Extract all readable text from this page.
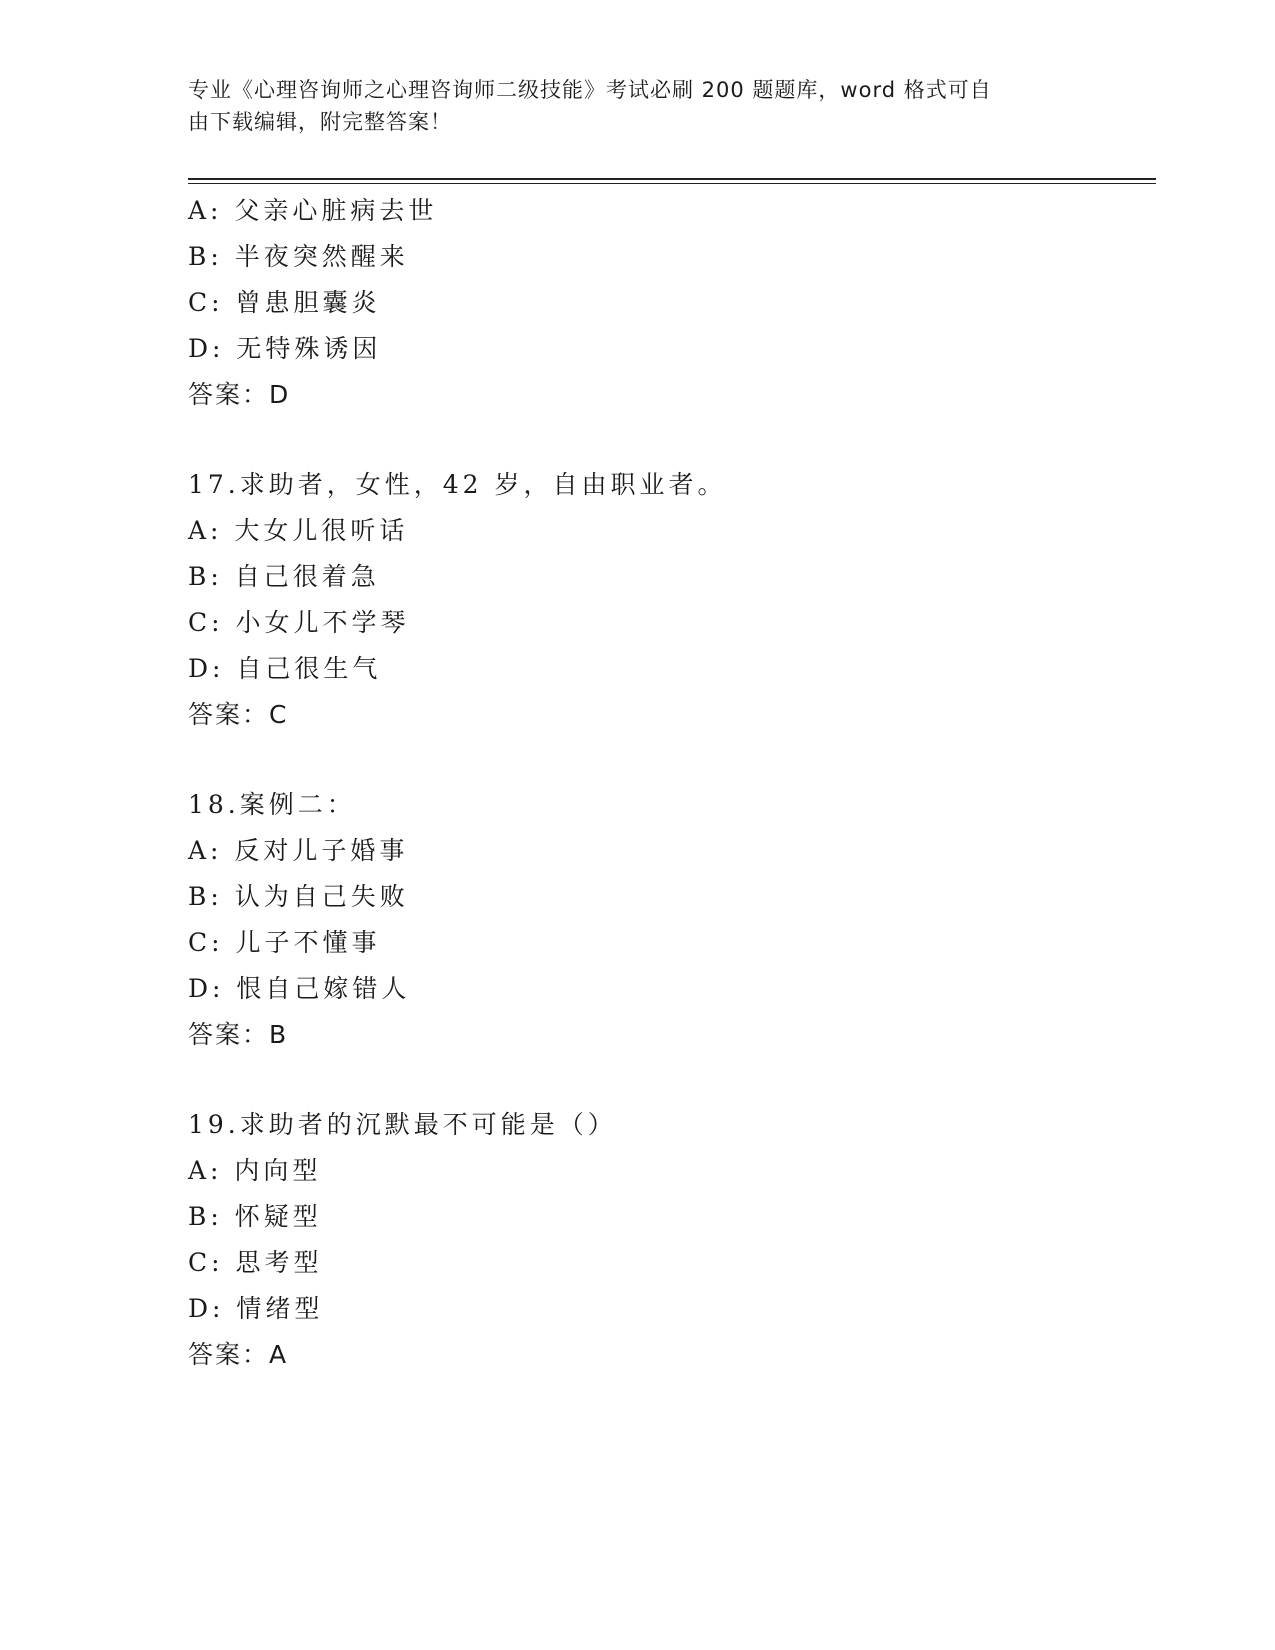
专业《心理咨询师之心理咨询师二级技能》考试必刷 200 题题库，word 格式可自
由下载编辑，附完整答案！
A: 父亲心脏病去世
B: 半夜突然醒来
C: 曾患胆囊炎
D: 无特殊诱因
答案：D
17.求助者，女性，42 岁，自由职业者。
A: 大女儿很听话
B: 自己很着急
C: 小女儿不学琴
D: 自己很生气
答案：C
18.案例二：
A: 反对儿子婚事
B: 认为自己失败
C: 儿子不懂事
D: 恨自己嫁错人
答案：B
19.求助者的沉默最不可能是（）
A: 内向型
B: 怀疑型
C: 思考型
D: 情绪型
答案：A
